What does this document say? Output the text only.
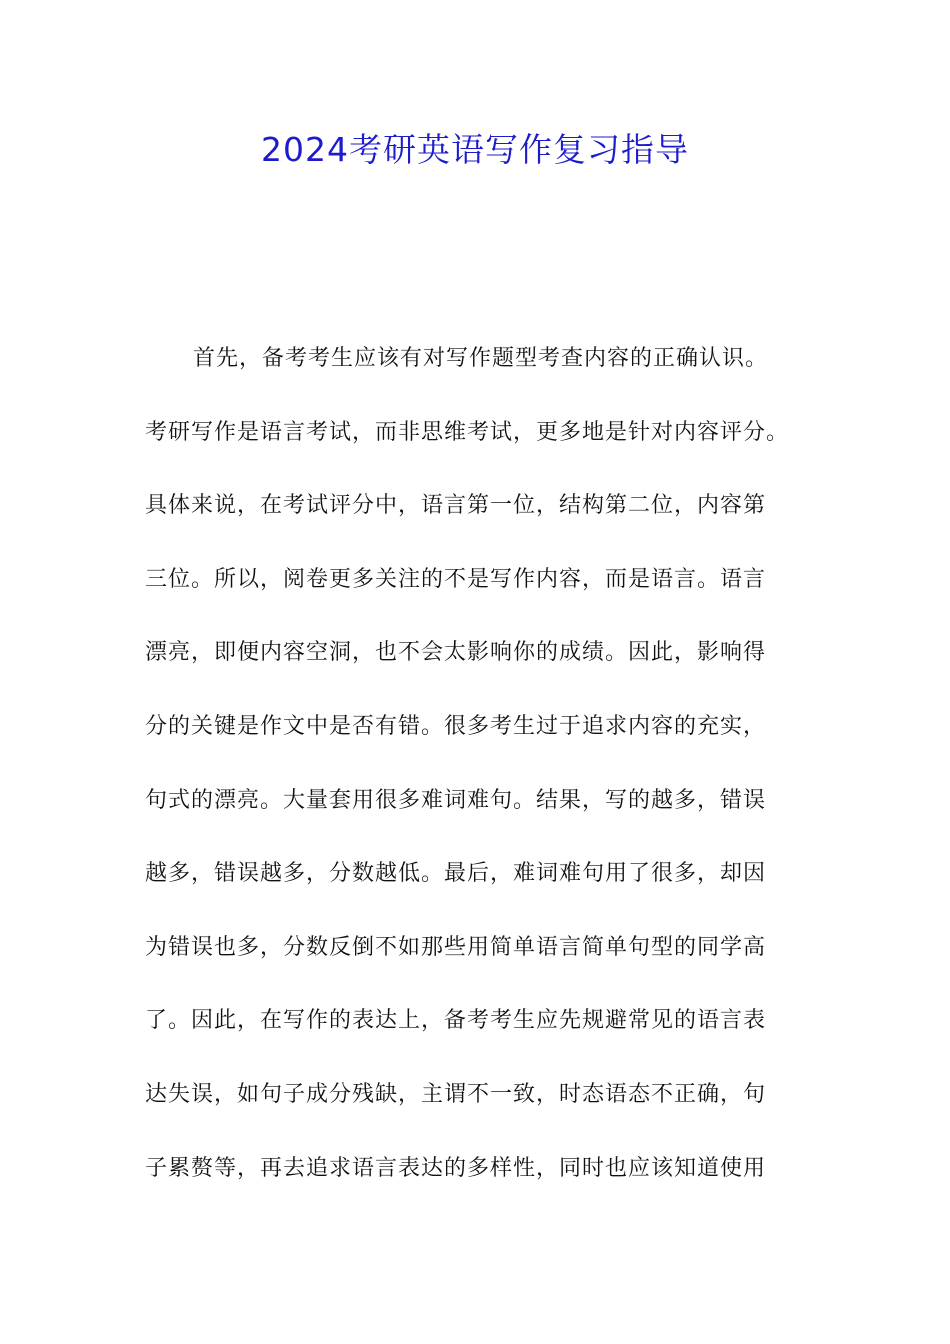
2024考研英语写作复习指导
首先，备考考生应该有对写作题型考查内容的正确认识。
考研写作是语言考试，而非思维考试，更多地是针对内容评分。
具体来说，在考试评分中，语言第一位，结构第二位，内容第
三位。所以，阅卷更多关注的不是写作内容，而是语言。语言
漂亮，即便内容空洞，也不会太影响你的成绩。因此，影响得
分的关键是作文中是否有错。很多考生过于追求内容的充实，
句式的漂亮。大量套用很多难词难句。结果，写的越多，错误
越多，错误越多，分数越低。最后，难词难句用了很多，却因
为错误也多，分数反倒不如那些用简单语言简单句型的同学高
了。因此，在写作的表达上，备考考生应先规避常见的语言表
达失误，如句子成分残缺，主谓不一致，时态语态不正确，句
子累赘等，再去追求语言表达的多样性，同时也应该知道使用
